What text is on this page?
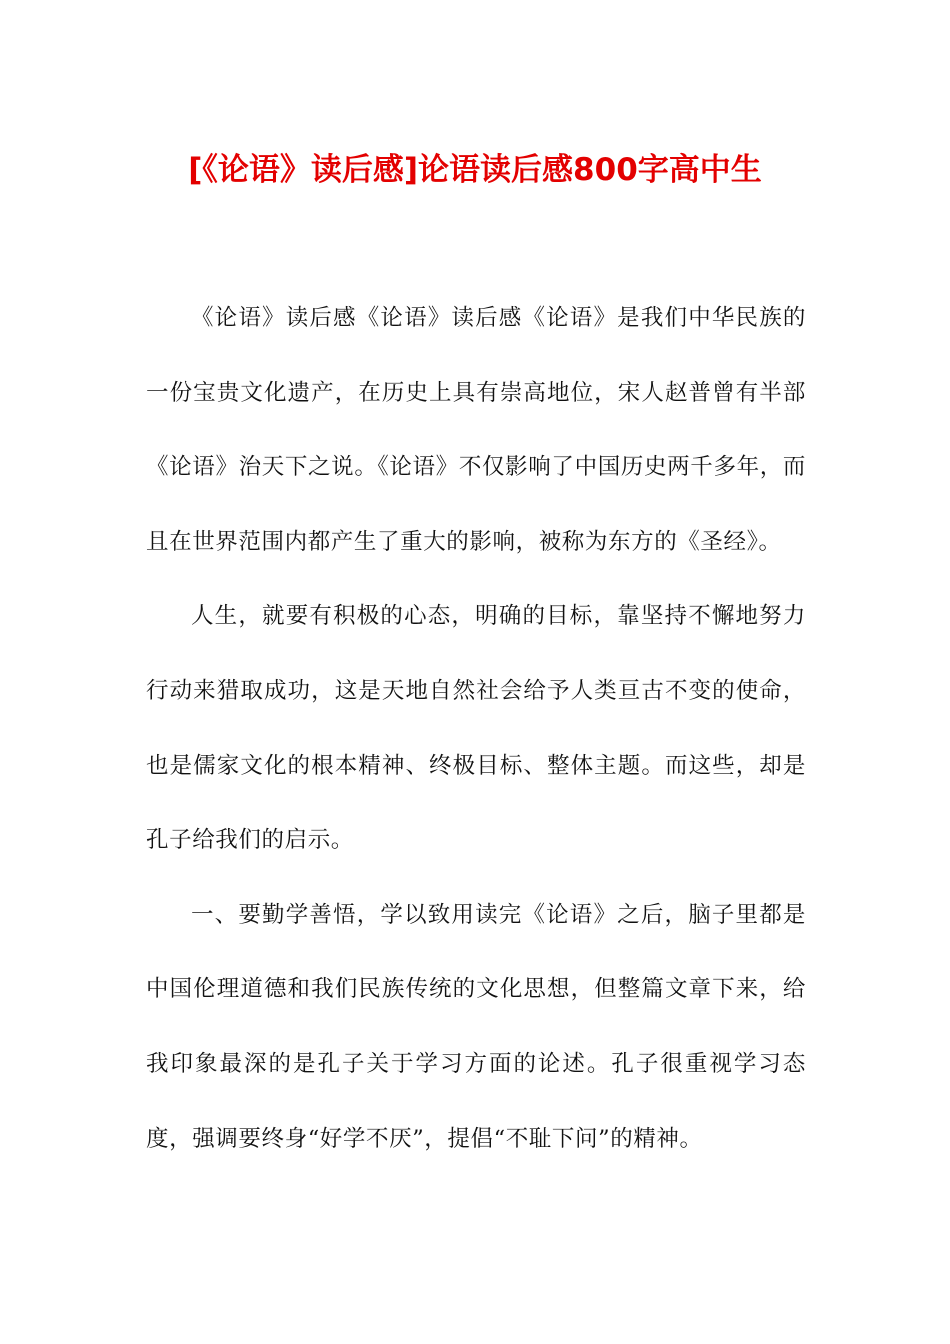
[《论语》读后感]论语读后感800字高中生

《论语》读后感《论语》读后感《论语》是我们中华民族的一份宝贵文化遗产，在历史上具有崇高地位，宋人赵普曾有半部《论语》治天下之说。《论语》不仅影响了中国历史两千多年，而且在世界范围内都产生了重大的影响，被称为东方的《圣经》。

人生，就要有积极的心态，明确的目标，靠坚持不懈地努力行动来猎取成功，这是天地自然社会给予人类亘古不变的使命，也是儒家文化的根本精神、终极目标、整体主题。而这些，却是孔子给我们的启示。

一、要勤学善悟，学以致用读完《论语》之后，脑子里都是中国伦理道德和我们民族传统的文化思想，但整篇文章下来，给我印象最深的是孔子关于学习方面的论述。孔子很重视学习态度，强调要终身“好学不厌”，提倡“不耻下问”的精神。
